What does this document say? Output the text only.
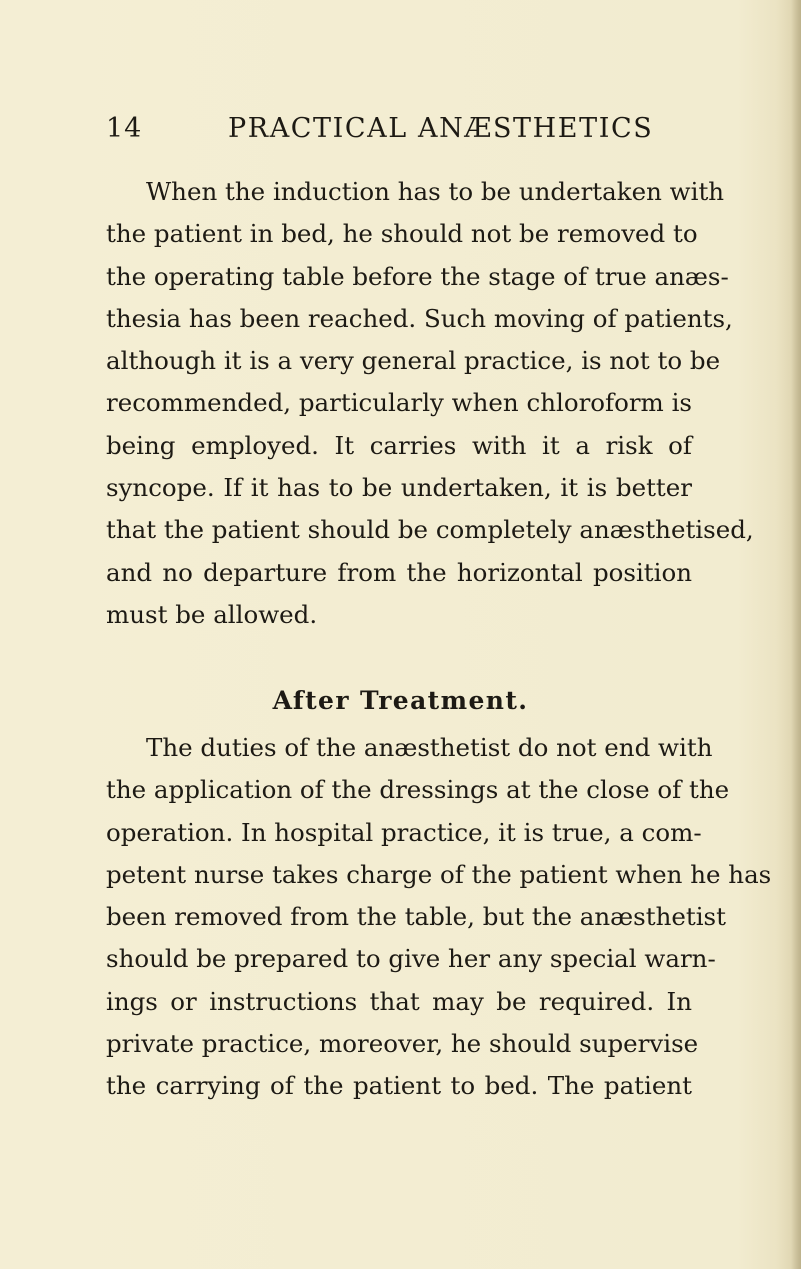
14	PRACTICAL ANÆSTHETICS
When the induction has to be undertaken with
the patient in bed, he should not be removed to
the operating table before the stage of true anæs-
thesia has been reached. Such moving of patients,
although it is a very general practice, is not to be
recommended, particularly when chloroform is
being employed. It carries with it a risk of
syncope. If it has to be undertaken, it is better
that the patient should be completely anæsthetised,
and no departure from the horizontal position
must be allowed.
After Treatment.
The duties of the anæsthetist do not end with
the application of the dressings at the close of the
operation. In hospital practice, it is true, a com-
petent nurse takes charge of the patient when he has
been removed from the table, but the anæsthetist
should be prepared to give her any special warn-
ings or instructions that may be required. In
private practice, moreover, he should supervise
the carrying of the patient to bed. The patient
